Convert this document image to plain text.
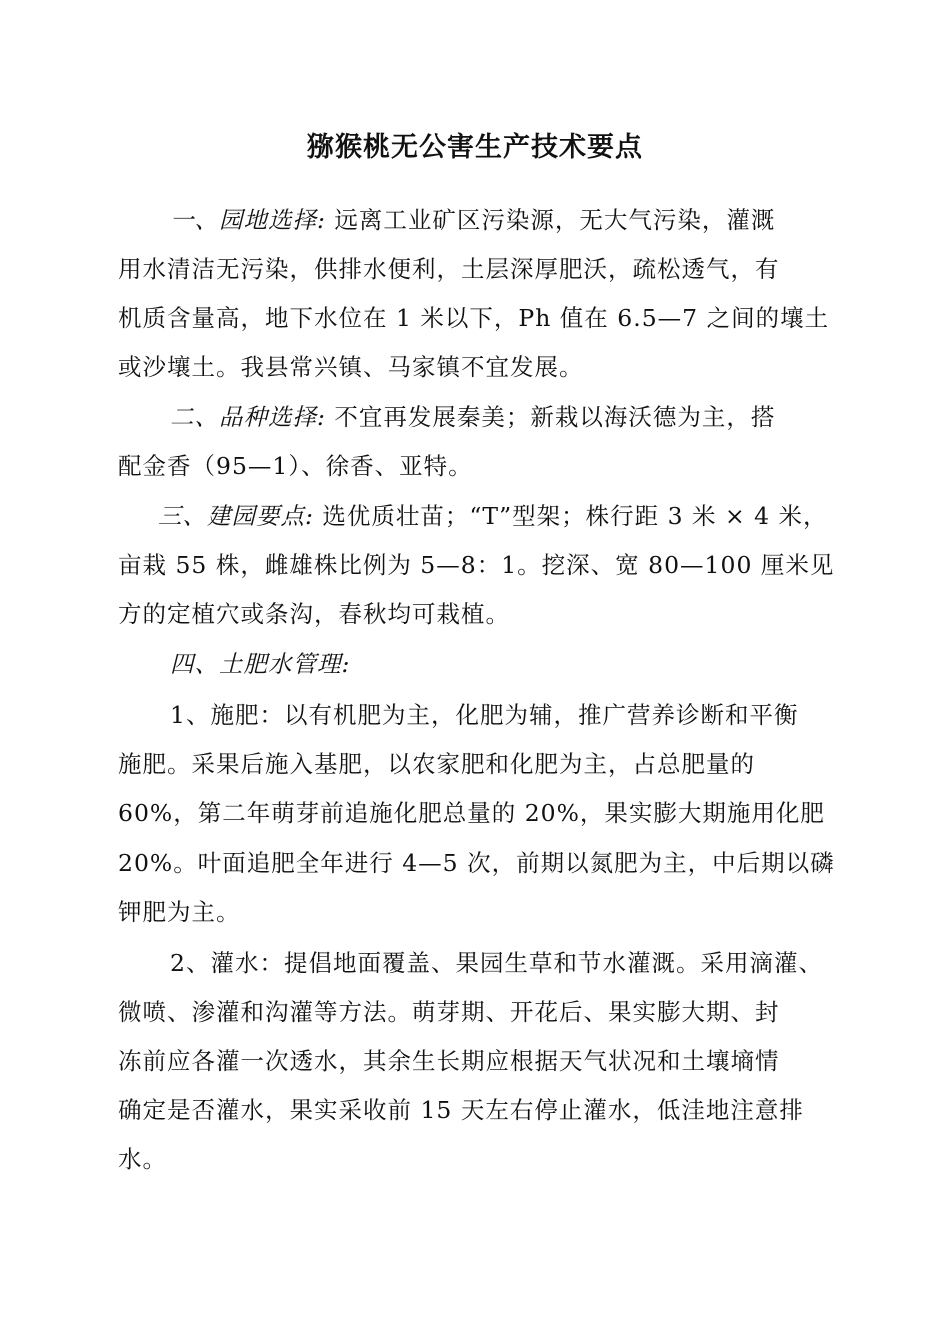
猕猴桃无公害生产技术要点
一、园地选择: 远离工业矿区污染源，无大气污染，灌溉
用水清洁无污染，供排水便利，土层深厚肥沃，疏松透气，有
机质含量高，地下水位在 1 米以下，Ph 值在 6.5—7 之间的壤土
或沙壤土。我县常兴镇、马家镇不宜发展。
二、品种选择: 不宜再发展秦美；新栽以海沃德为主，搭
配金香（95—1）、徐香、亚特。
三、建园要点: 选优质壮苗；“T”型架；株行距 3 米 × 4 米，
亩栽 55 株，雌雄株比例为 5—8：1。挖深、宽 80—100 厘米见
方的定植穴或条沟，春秋均可栽植。
四、土肥水管理:
1、施肥：以有机肥为主，化肥为辅，推广营养诊断和平衡
施肥。采果后施入基肥，以农家肥和化肥为主，占总肥量的
60%，第二年萌芽前追施化肥总量的 20%，果实膨大期施用化肥
20%。叶面追肥全年进行 4—5 次，前期以氮肥为主，中后期以磷
钾肥为主。
2、灌水：提倡地面覆盖、果园生草和节水灌溉。采用滴灌、
微喷、渗灌和沟灌等方法。萌芽期、开花后、果实膨大期、封
冻前应各灌一次透水，其余生长期应根据天气状况和土壤墒情
确定是否灌水，果实采收前 15 天左右停止灌水，低洼地注意排
水。
